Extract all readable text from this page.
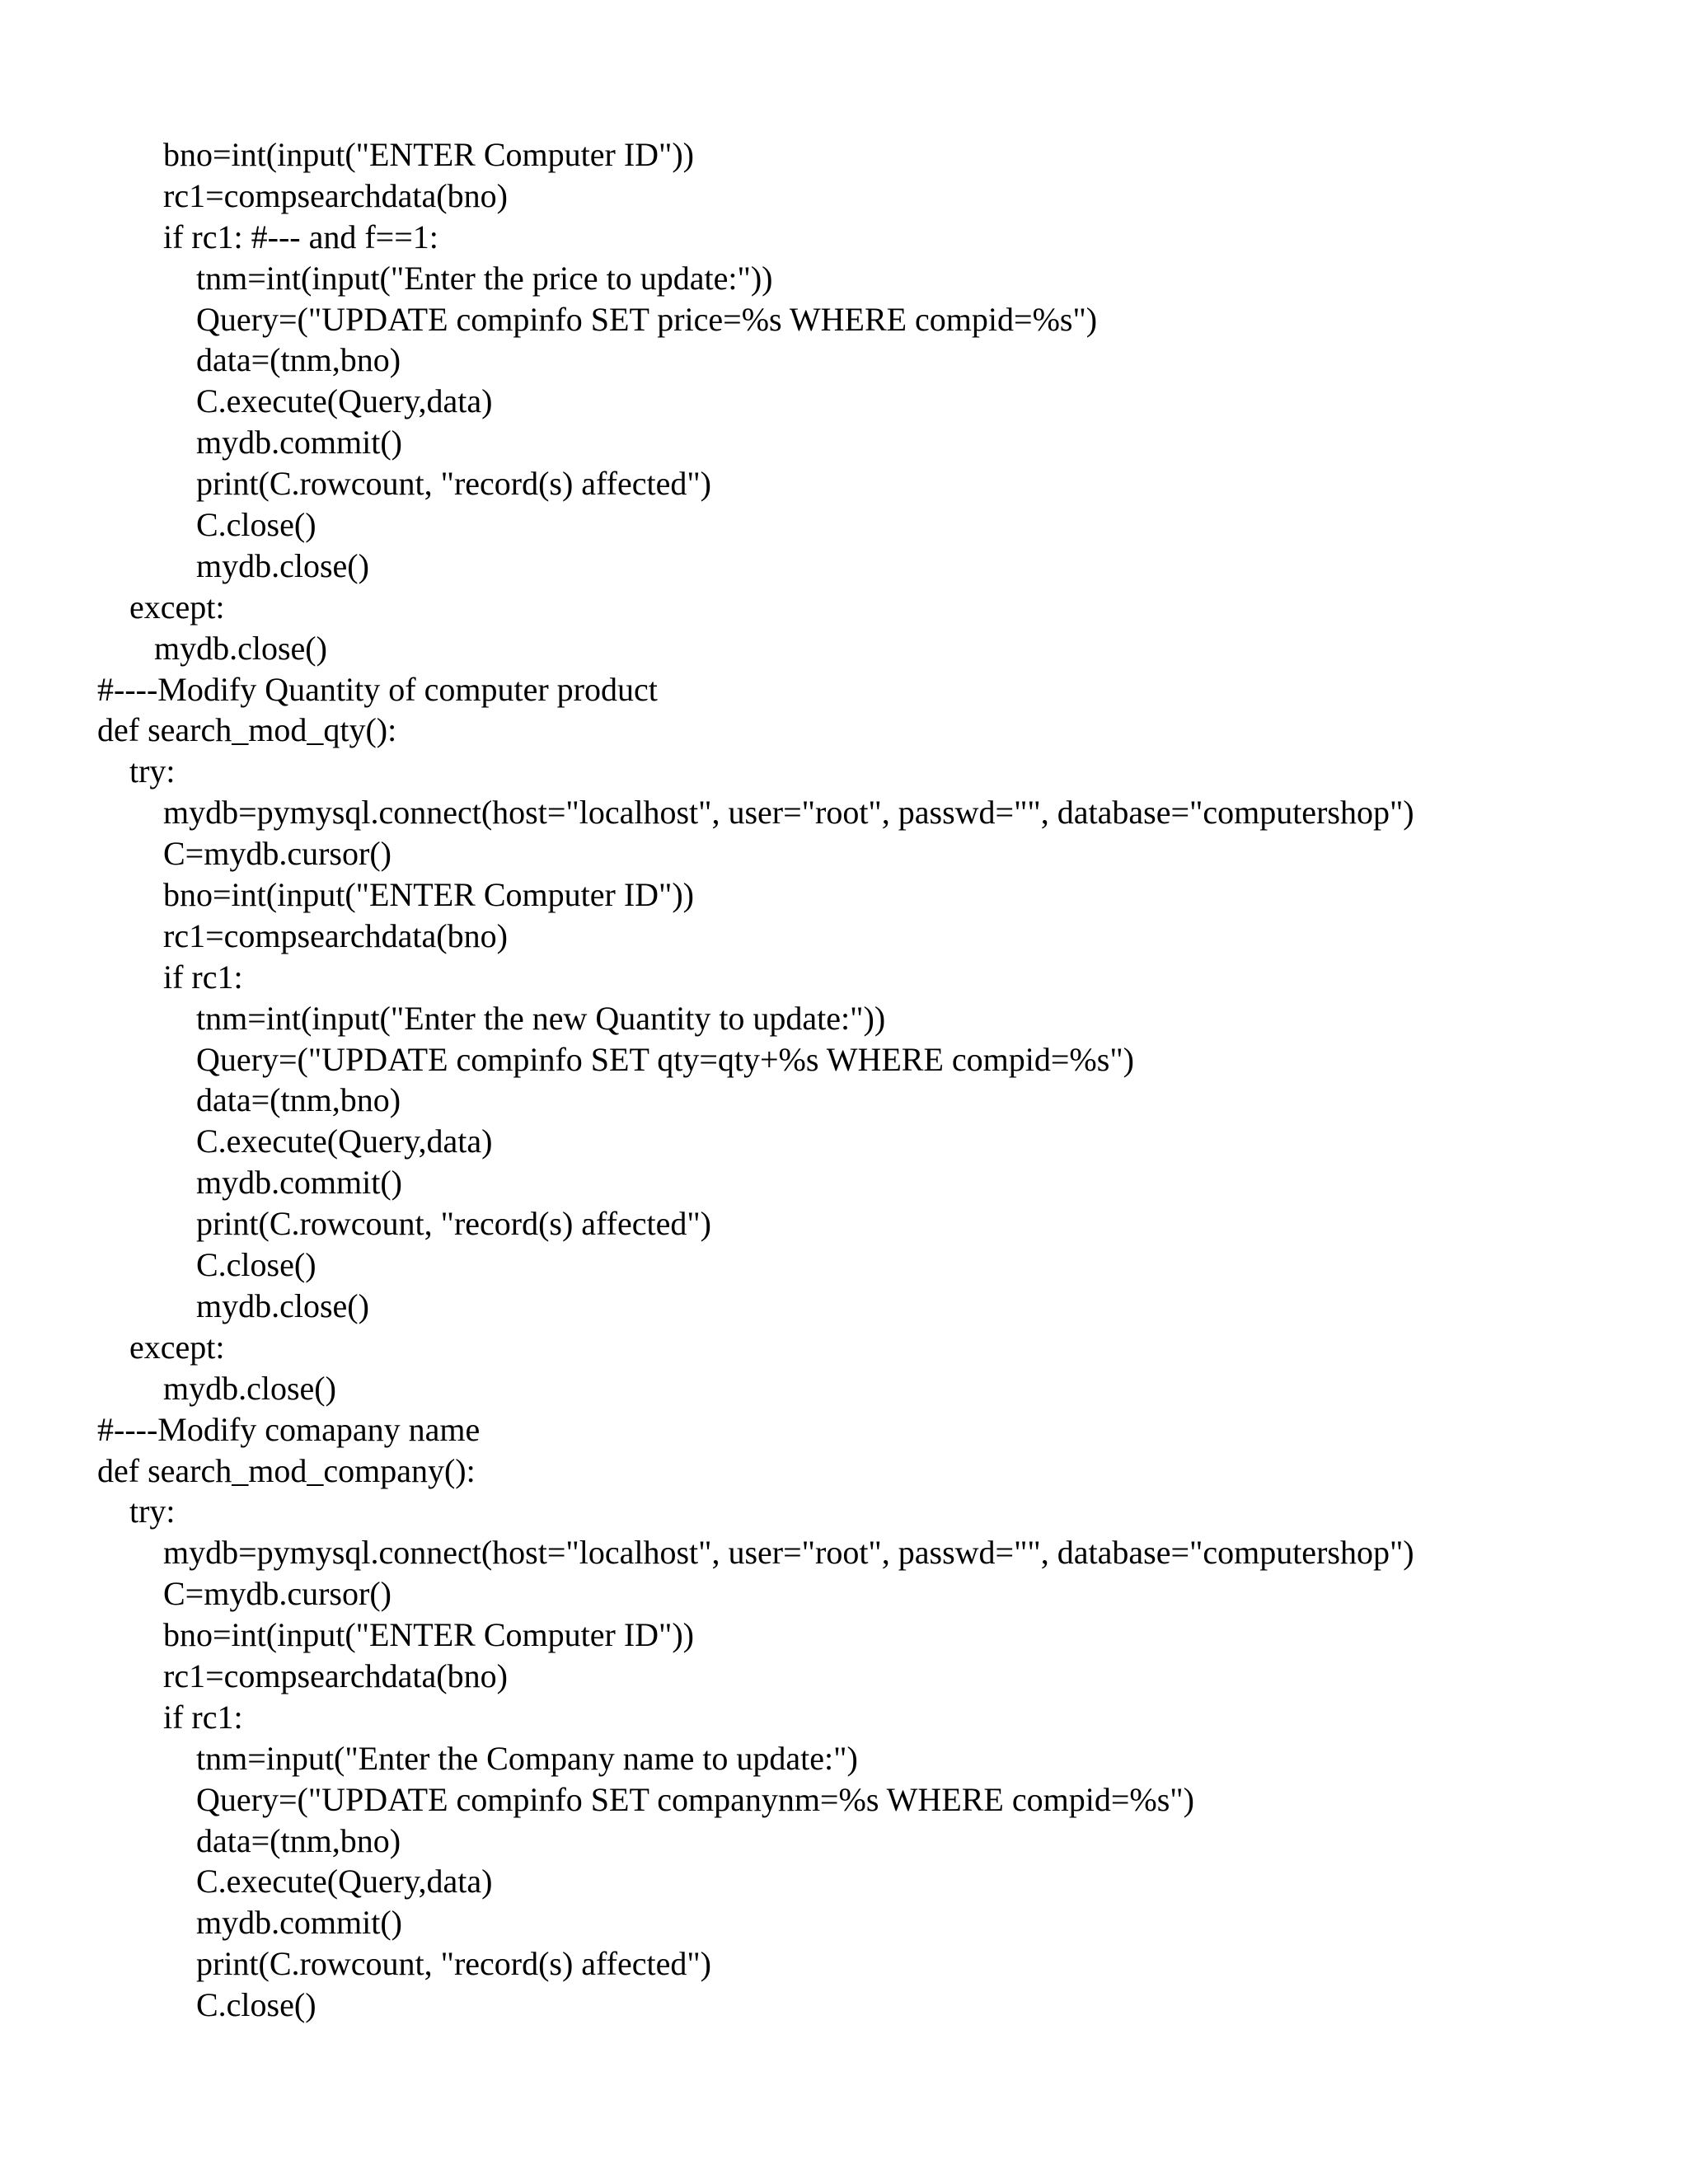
bno=int(input("ENTER Computer ID"))
rc1=compsearchdata(bno)
if rc1: #--- and f==1:
tnm=int(input("Enter the price to update:"))
Query=("UPDATE compinfo SET price=%s WHERE compid=%s")
data=(tnm,bno)
C.execute(Query,data)
mydb.commit()
print(C.rowcount, "record(s) affected")
C.close()
mydb.close()
except:
mydb.close()
#----Modify Quantity of computer product
def search_mod_qty():
try:
mydb=pymysql.connect(host="localhost", user="root", passwd="", database="computershop")
C=mydb.cursor()
bno=int(input("ENTER Computer ID"))
rc1=compsearchdata(bno)
if rc1:
tnm=int(input("Enter the new Quantity to update:"))
Query=("UPDATE compinfo SET qty=qty+%s WHERE compid=%s")
data=(tnm,bno)
C.execute(Query,data)
mydb.commit()
print(C.rowcount, "record(s) affected")
C.close()
mydb.close()
except:
mydb.close()
#----Modify comapany name
def search_mod_company():
try:
mydb=pymysql.connect(host="localhost", user="root", passwd="", database="computershop")
C=mydb.cursor()
bno=int(input("ENTER Computer ID"))
rc1=compsearchdata(bno)
if rc1:
tnm=input("Enter the Company name to update:")
Query=("UPDATE compinfo SET companynm=%s WHERE compid=%s")
data=(tnm,bno)
C.execute(Query,data)
mydb.commit()
print(C.rowcount, "record(s) affected")
C.close()
